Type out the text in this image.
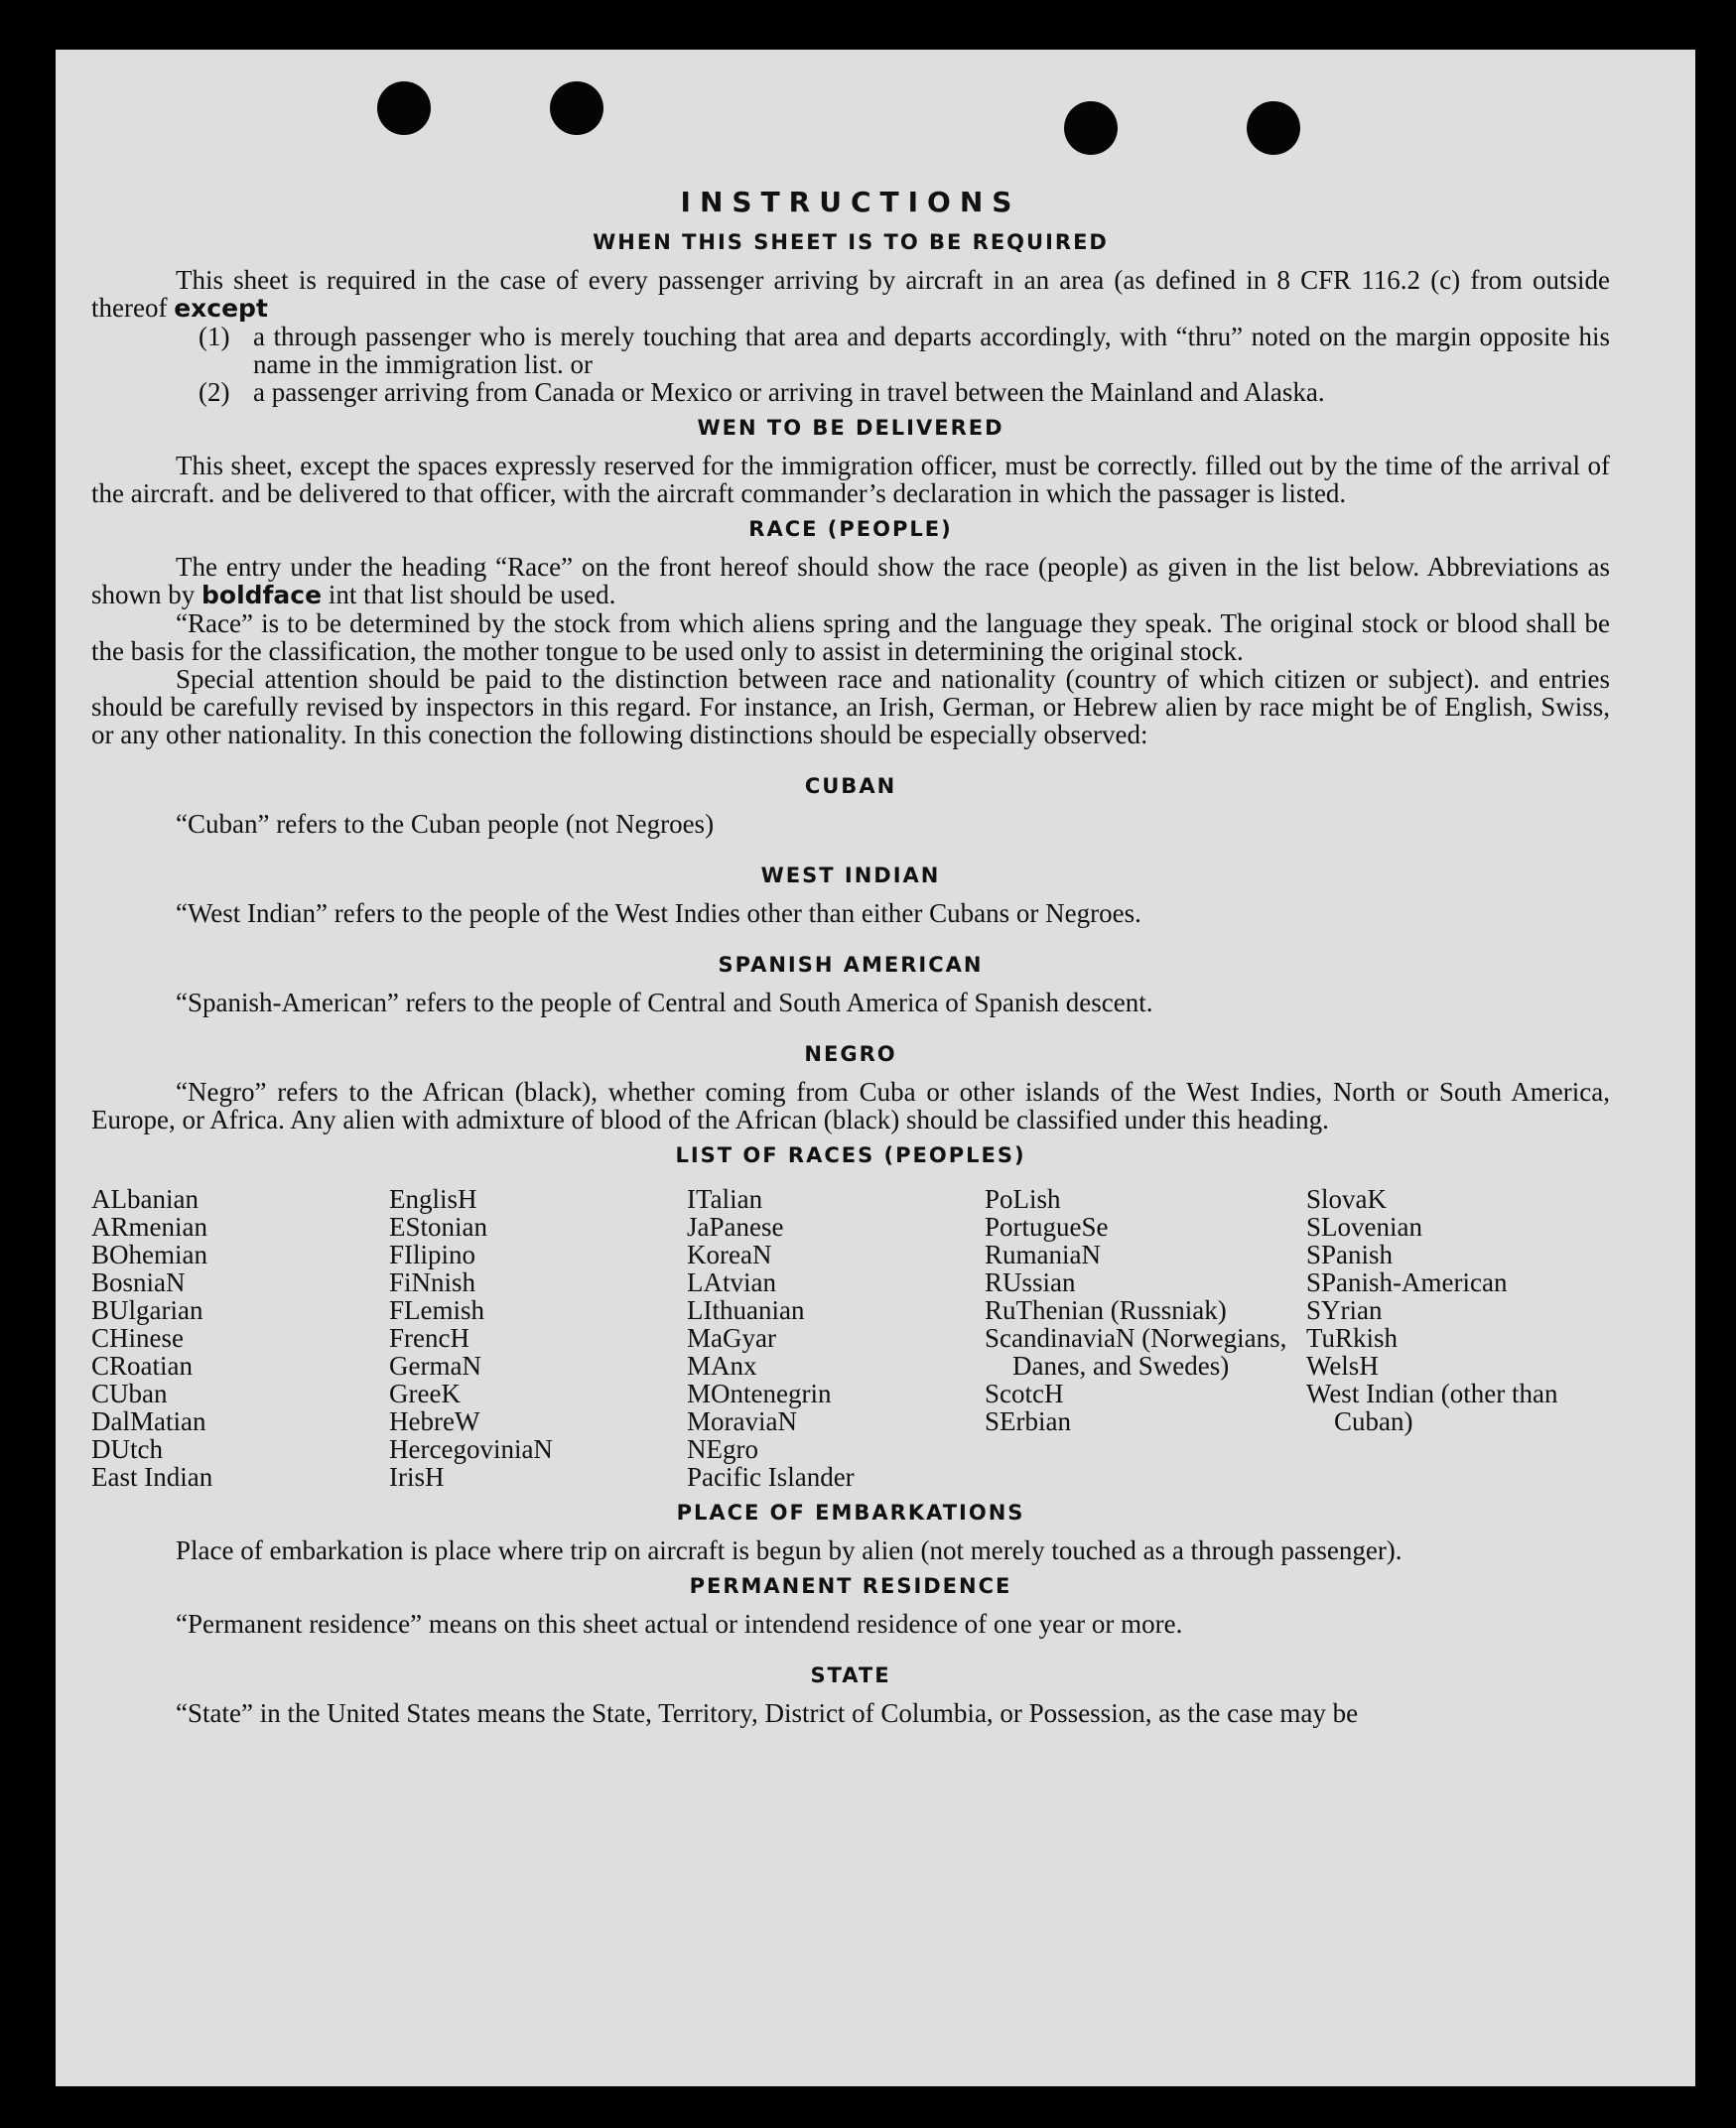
INSTRUCTIONS
WHEN THIS SHEET IS TO BE REQUIRED

This sheet is required in the case of every passenger arriving by aircraft in an area (as defined in 8 CFR 116.2 (c) from outside thereof except

(1) a through passenger who is merely touching that area and departs accordingly, with “thru” noted on the margin opposite his name in the immigration list. or
(2) a passenger arriving from Canada or Mexico or arriving in travel between the Mainland and Alaska.
WEN TO BE DELIVERED

This sheet, except the spaces expressly reserved for the immigration officer, must be correctly. filled out by the time of the arrival of the aircraft. and be delivered to that officer, with the aircraft commander’s declaration in which the passager is listed.

RACE (PEOPLE)

The entry under the heading “Race” on the front hereof should show the race (people) as given in the list below. Abbreviations as shown by boldface int that list should be used.

“Race” is to be determined by the stock from which aliens spring and the language they speak. The original stock or blood shall be the basis for the classification, the mother tongue to be used only to assist in determining the original stock.

Special attention should be paid to the distinction between race and nationality (country of which citizen or subject). and entries should be carefully revised by inspectors in this regard. For instance, an Irish, German, or Hebrew alien by race might be of English, Swiss, or any other nationality. In this conection the following distinctions should be especially observed:

CUBAN

“Cuban” refers to the Cuban people (not Negroes)

WEST INDIAN

“West Indian” refers to the people of the West Indies other than either Cubans or Negroes.

SPANISH AMERICAN

“Spanish-American” refers to the people of Central and South America of Spanish descent.

NEGRO

“Negro” refers to the African (black), whether coming from Cuba or other islands of the West Indies, North or South America, Europe, or Africa. Any alien with admixture of blood of the African (black) should be classified under this heading.

LIST OF RACES (PEOPLES)
ALbanian
ARmenian
BOhemian
BosniaN
BUlgarian
CHinese
CRoatian
CUban
DalMatian
DUtch
East Indian
EnglisH
EStonian
FIlipino
FiNnish
FLemish
FrencH
GermaN
GreeK
HebreW
HercegoviniaN
IrisH
ITalian
JaPanese
KoreaN
LAtvian
LIthuanian
MaGyar
MAnx
MOntenegrin
MoraviaN
NEgro
Pacific Islander
PoLish
PortugueSe
RumaniaN
RUssian
RuThenian (Russniak)
ScandinaviaN (Norwegians, Danes, and Swedes)
ScotcH
SErbian
SlovaK
SLovenian
SPanish
SPanish-American
SYrian
TuRkish
WelsH
West Indian (other than Cuban)
PLACE OF EMBARKATIONS

Place of embarkation is place where trip on aircraft is begun by alien (not merely touched as a through passenger).

PERMANENT RESIDENCE

“Permanent residence” means on this sheet actual or intendend residence of one year or more.

STATE

“State” in the United States means the State, Territory, District of Columbia, or Possession, as the case may be
